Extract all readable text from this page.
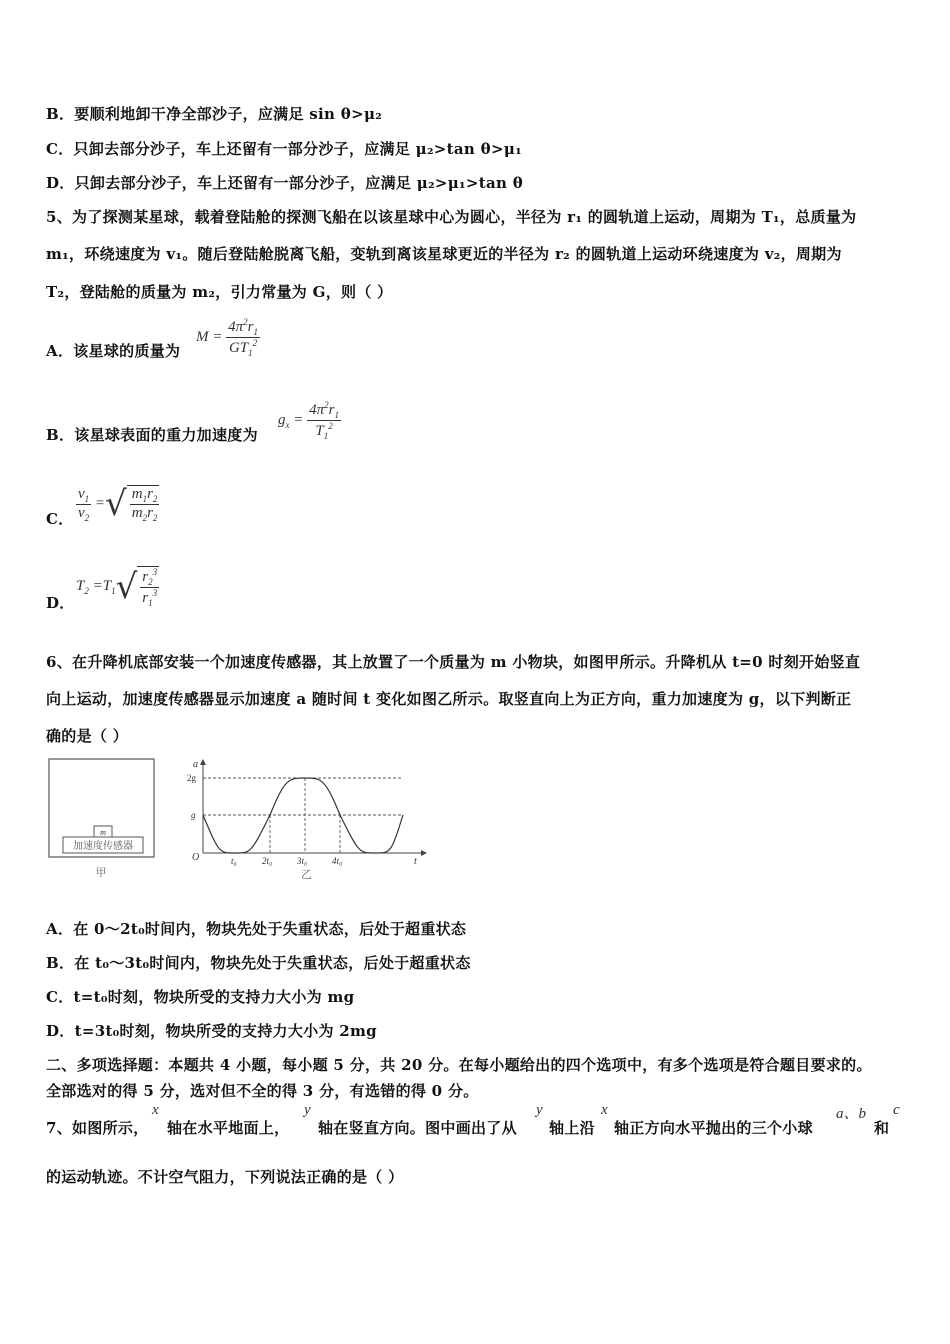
B．要顺利地卸干净全部沙子，应满足 sin θ>μ₂
C．只卸去部分沙子，车上还留有一部分沙子，应满足 μ₂>tan θ>μ₁
D．只卸去部分沙子，车上还留有一部分沙子，应满足 μ₂>μ₁>tan θ
5、为了探测某星球，载着登陆舱的探测飞船在以该星球中心为圆心，半径为 r₁ 的圆轨道上运动，周期为 T₁，总质量为
m₁，环绕速度为 v₁。随后登陆舱脱离飞船，变轨到离该星球更近的半径为 r₂ 的圆轨道上运动环绕速度为 v₂，周期为
T₂，登陆舱的质量为 m₂，引力常量为 G，则（ ）
A．该星球的质量为
$M = \frac{4\pi^2r_1}{GT_1^2}$
B．该星球表面的重力加速度为
$g_x = \frac{4\pi^2r_1}{T_1^2}$
C． $\frac{v_1}{v_2}$ =√ $\frac{m_1r_2}{m_2r_2}$
D．
$T_2 =T_1√ \frac{r_2^3}{r_1^3}$
6、在升降机底部安装一个加速度传感器，其上放置了一个质量为 m 小物块，如图甲所示。升降机从 t=0 时刻开始竖直
向上运动，加速度传感器显示加速度 a 随时间 t 变化如图乙所示。取竖直向上为正方向，重力加速度为 g，以下判断正
确的是（ ）
m
加速度传感器
甲
a
t
O
2g
g
t₀	2t₀	3t₀	4t₀
乙
A．在 0～2t₀时间内，物块先处于失重状态，后处于超重状态
B．在 t₀～3t₀时间内，物块先处于失重状态，后处于超重状态
C．t=t₀时刻，物块所受的支持力大小为 mg
D．t=3t₀时刻，物块所受的支持力大小为 2mg
二、多项选择题：本题共 4 小题，每小题 5 分，共 20 分。在每小题给出的四个选项中，有多个选项是符合题目要求的。
全部选对的得 5 分，选对但不全的得 3 分，有选错的得 0 分。
7、如图所示，
x
轴在水平地面上，
y
轴在竖直方向。图中画出了从
y
轴上沿
x
轴正方向水平抛出的三个小球
a、b c
和
的运动轨迹。不计空气阻力，下列说法正确的是（ ）
